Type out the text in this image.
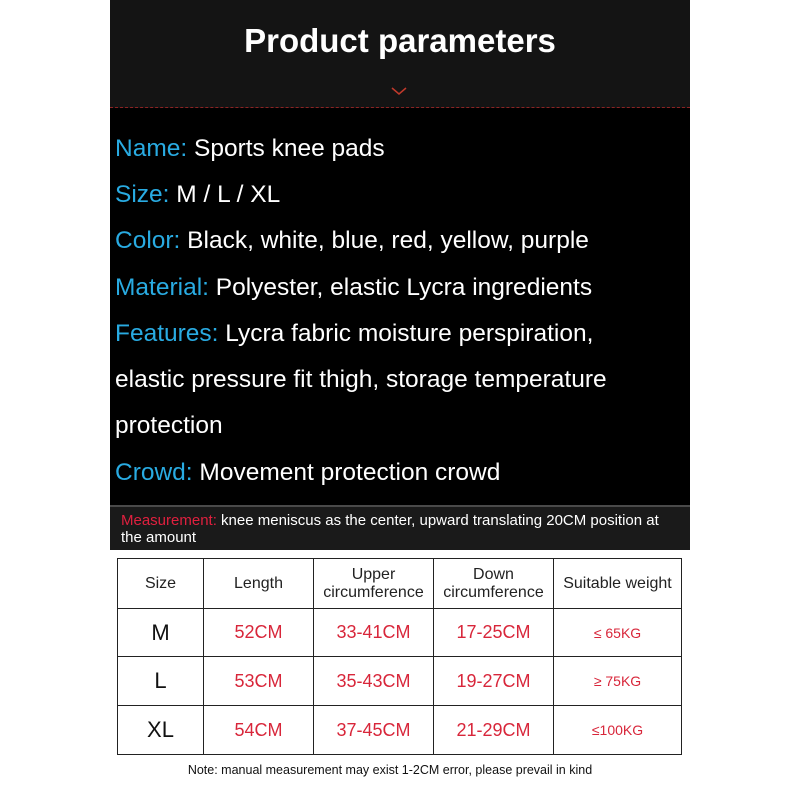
Product parameters
Name: Sports knee pads
Size: M / L / XL
Color: Black, white, blue, red, yellow, purple
Material: Polyester, elastic Lycra ingredients
Features: Lycra fabric moisture perspiration,
elastic pressure fit thigh, storage temperature
protection
Crowd: Movement protection crowd
Measurement: knee meniscus as the center, upward translating 20CM position at the amount
Size	Length	Upper circumference	Down circumference	Suitable weight
M	52CM	33-41CM	17-25CM	≤ 65KG
L	53CM	35-43CM	19-27CM	≥ 75KG
XL	54CM	37-45CM	21-29CM	≤100KG
Note: manual measurement may exist 1-2CM error, please prevail in kind
